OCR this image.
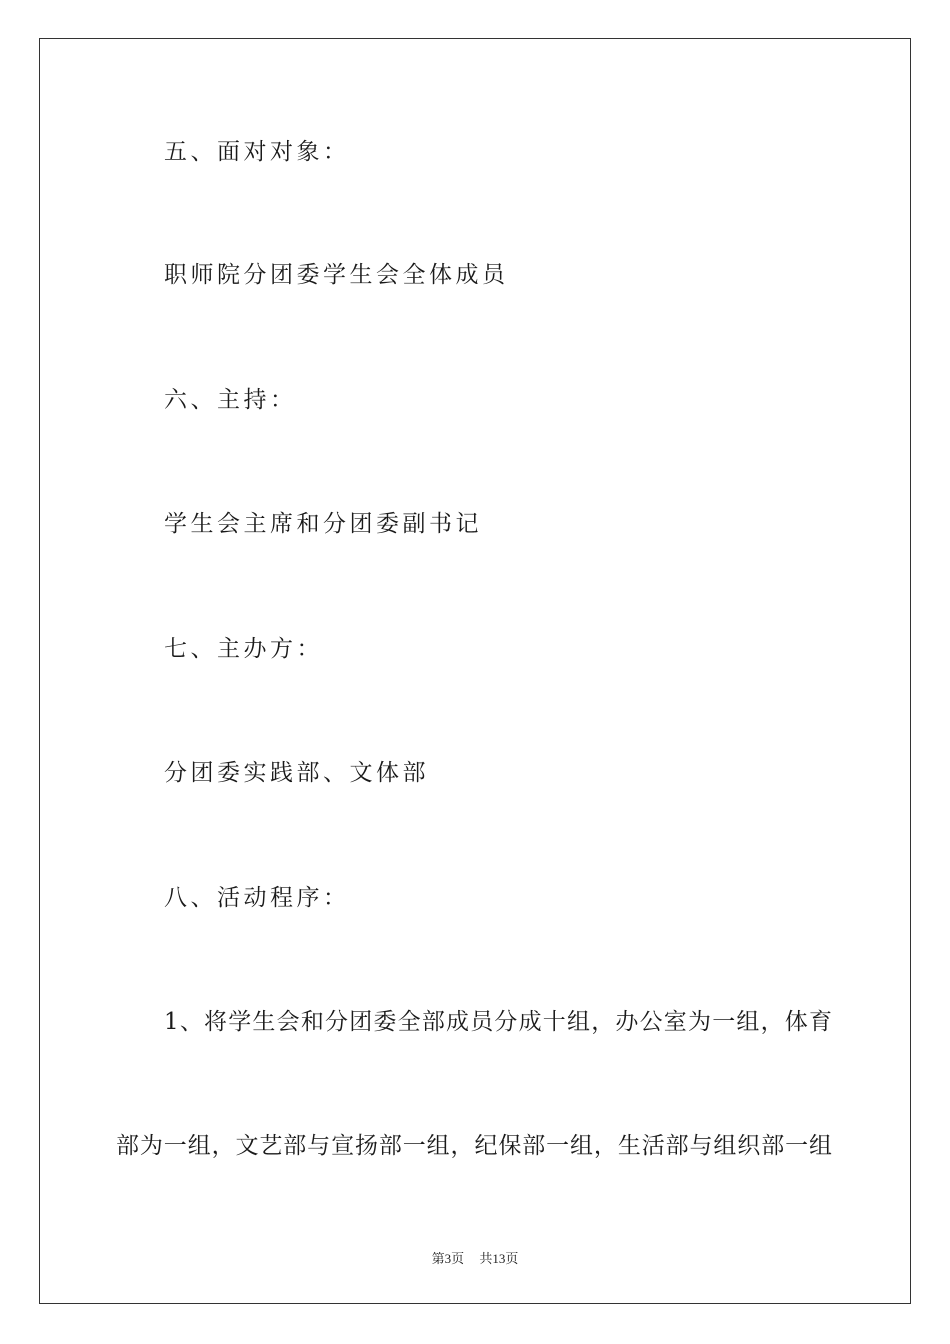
五、面对对象：
职师院分团委学生会全体成员
六、主持：
学生会主席和分团委副书记
七、主办方：
分团委实践部、文体部
八、活动程序：
1、将学生会和分团委全部成员分成十组，办公室为一组，体育
部为一组，文艺部与宣扬部一组，纪保部一组，生活部与组织部一组
第3页 共13页
